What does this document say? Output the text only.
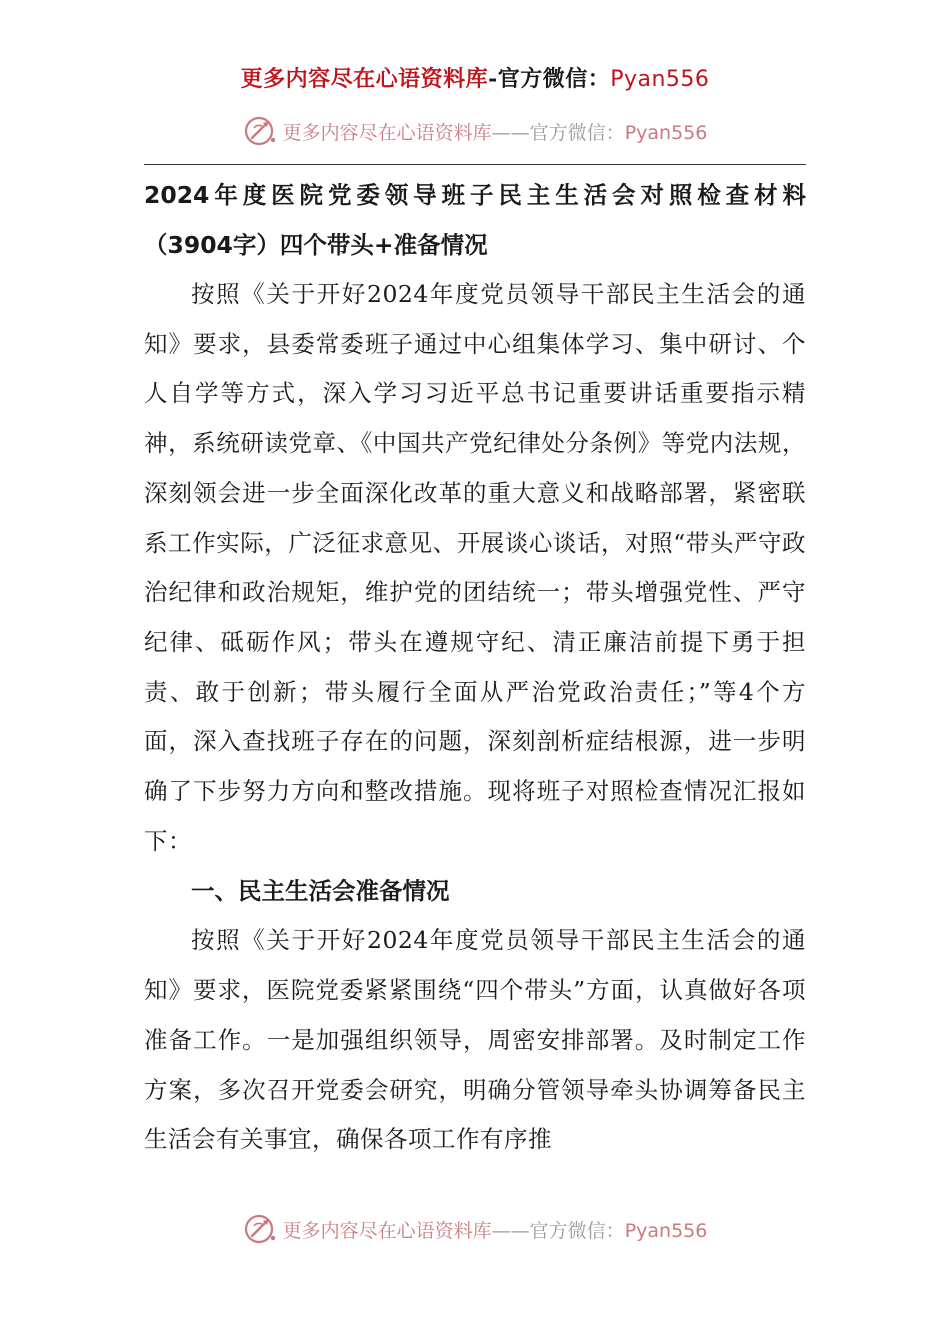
更多内容尽在心语资料库-官方微信：Pyan556
更多内容尽在心语资料库——官方微信：Pyan556
2024年度医院党委领导班子民主生活会对照检查材料
（3904字）四个带头+准备情况

按照《关于开好2024年度党员领导干部民主生活会的通知》要求，县委常委班子通过中心组集体学习、集中研讨、个人自学等方式，深入学习习近平总书记重要讲话重要指示精神，系统研读党章、《中国共产党纪律处分条例》等党内法规，深刻领会进一步全面深化改革的重大意义和战略部署，紧密联系工作实际，广泛征求意见、开展谈心谈话，对照“带头严守政治纪律和政治规矩，维护党的团结统一；带头增强党性、严守纪律、砥砺作风；带头在遵规守纪、清正廉洁前提下勇于担责、敢于创新；带头履行全面从严治党政治责任；”等4个方面，深入查找班子存在的问题，深刻剖析症结根源，进一步明确了下步努力方向和整改措施。现将班子对照检查情况汇报如下：

一、民主生活会准备情况

按照《关于开好2024年度党员领导干部民主生活会的通知》要求，医院党委紧紧围绕“四个带头”方面，认真做好各项准备工作。一是加强组织领导，周密安排部署。及时制定工作方案，多次召开党委会研究，明确分管领导牵头协调筹备民主生活会有关事宜，确保各项工作有序推

更多内容尽在心语资料库——官方微信：Pyan556
